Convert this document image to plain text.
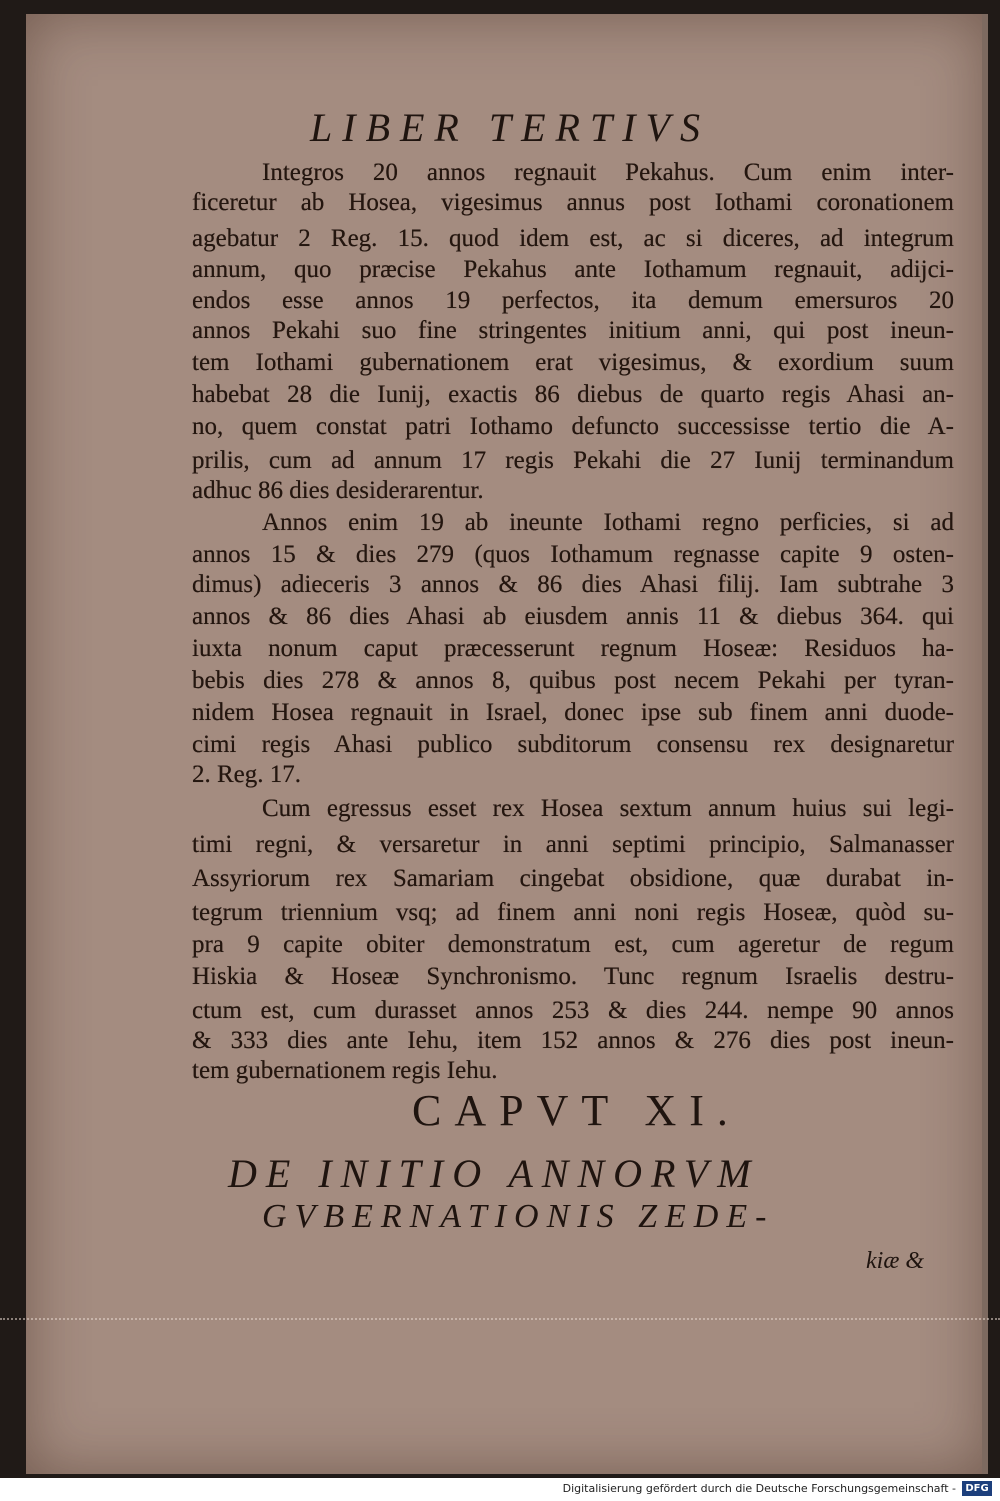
LIBER TERTIVS
Integros 20 annos regnauit Pekahus. Cum enim inter-
ficeretur ab Hosea, vigesimus annus post Iothami coronationem
agebatur 2 Reg. 15. quod idem est, ac si diceres, ad integrum
annum, quo præcise Pekahus ante Iothamum regnauit, adijci-
endos esse annos 19 perfectos, ita demum emersuros 20
annos Pekahi suo fine stringentes initium anni, qui post ineun-
tem Iothami gubernationem erat vigesimus, & exordium suum
habebat 28 die Iunij, exactis 86 diebus de quarto regis Ahasi an-
no, quem constat patri Iothamo defuncto successisse tertio die A-
prilis, cum ad annum 17 regis Pekahi die 27 Iunij terminandum
adhuc 86 dies desiderarentur.
Annos enim 19 ab ineunte Iothami regno perficies, si ad
annos 15 & dies 279 (quos Iothamum regnasse capite 9 osten-
dimus) adieceris 3 annos & 86 dies Ahasi filij. Iam subtrahe 3
annos & 86 dies Ahasi ab eiusdem annis 11 & diebus 364. qui
iuxta nonum caput præcesserunt regnum Hoseæ: Residuos ha-
bebis dies 278 & annos 8, quibus post necem Pekahi per tyran-
nidem Hosea regnauit in Israel, donec ipse sub finem anni duode-
cimi regis Ahasi publico subditorum consensu rex designaretur
2. Reg. 17.
Cum egressus esset rex Hosea sextum annum huius sui legi-
timi regni, & versaretur in anni septimi principio, Salmanasser
Assyriorum rex Samariam cingebat obsidione, quæ durabat in-
tegrum triennium vsq; ad finem anni noni regis Hoseæ, quòd su-
pra 9 capite obiter demonstratum est, cum ageretur de regum
Hiskia & Hoseæ Synchronismo. Tunc regnum Israelis destru-
ctum est, cum durasset annos 253 & dies 244. nempe 90 annos
& 333 dies ante Iehu, item 152 annos & 276 dies post ineun-
tem gubernationem regis Iehu.
CAPVT XI.
DE INITIO ANNORVM
GVBERNATIONIS ZEDE-
kiæ &
Digitalisierung gefördert durch die Deutsche Forschungsgemeinschaft - DFG
